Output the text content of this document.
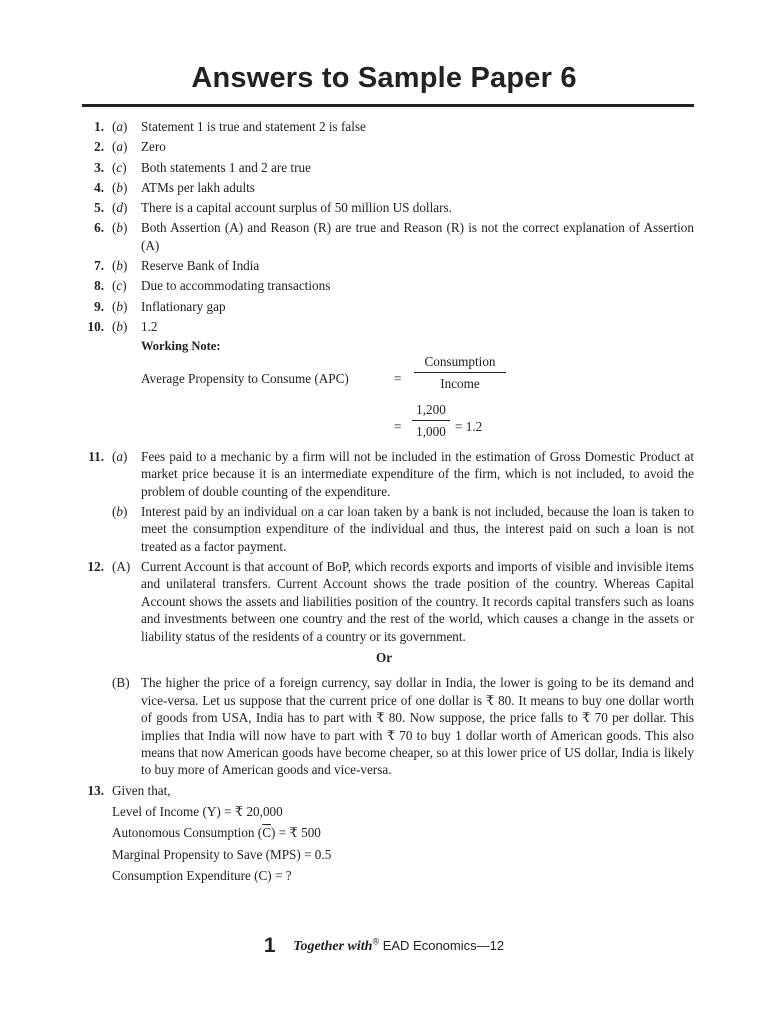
Answers to Sample Paper 6
1. (a)	Statement 1 is true and statement 2 is false
2. (a)	Zero
3. (c)	Both statements 1 and 2 are true
4. (b)	ATMs per lakh adults
5. (d)	There is a capital account surplus of 50 million US dollars.
6. (b)	Both Assertion (A) and Reason (R) are true and Reason (R) is not the correct explanation of Assertion (A)
7. (b)	Reserve Bank of India
8. (c)	Due to accommodating transactions
9. (b)	Inflationary gap
10. (b)	1.2
Working Note:
Average Propensity to Consume (APC)	=
Consumption
Income
= $\frac{1,200}{1,000} = 1.2$
11. (a)	Fees paid to a mechanic by a firm will not be included in the estimation of Gross Domestic Product at market price because it is an intermediate expenditure of the firm, which is not included, to avoid the problem of double counting of the expenditure.
(b)	Interest paid by an individual on a car loan taken by a bank is not included, because the loan is taken to meet the consumption expenditure of the individual and thus, the interest paid on such a loan is not treated as a factor payment.
12. (A) Current Account is that account of BoP, which records exports and imports of visible and invisible items and unilateral transfers. Current Account shows the trade position of the country. Whereas Capital Account shows the assets and liabilities position of the country. It records capital transfers such as loans and investments between one country and the rest of the world, which causes a change in the assets or liability status of the residents of a country or its government.
Or
(B) The higher the price of a foreign currency, say dollar in India, the lower is going to be its demand and vice-versa. Let us suppose that the current price of one dollar is ₹ 80. It means to buy one dollar worth of goods from USA, India has to part with ₹ 80. Now suppose, the price falls to ₹ 70 per dollar. This implies that India will now have to part with ₹ 70 to buy 1 dollar worth of American goods. This also means that now American goods have become cheaper, so at this lower price of US dollar, India is likely to buy more of American goods and vice-versa.
13. Given that,
Level of Income (Y) = ₹ 20,000
Autonomous Consumption $(\overline{C})$ = ₹ 500
Marginal Propensity to Save (MPS) = 0.5
Consumption Expenditure (C) = ?
1 Together with® EAD Economics—12
